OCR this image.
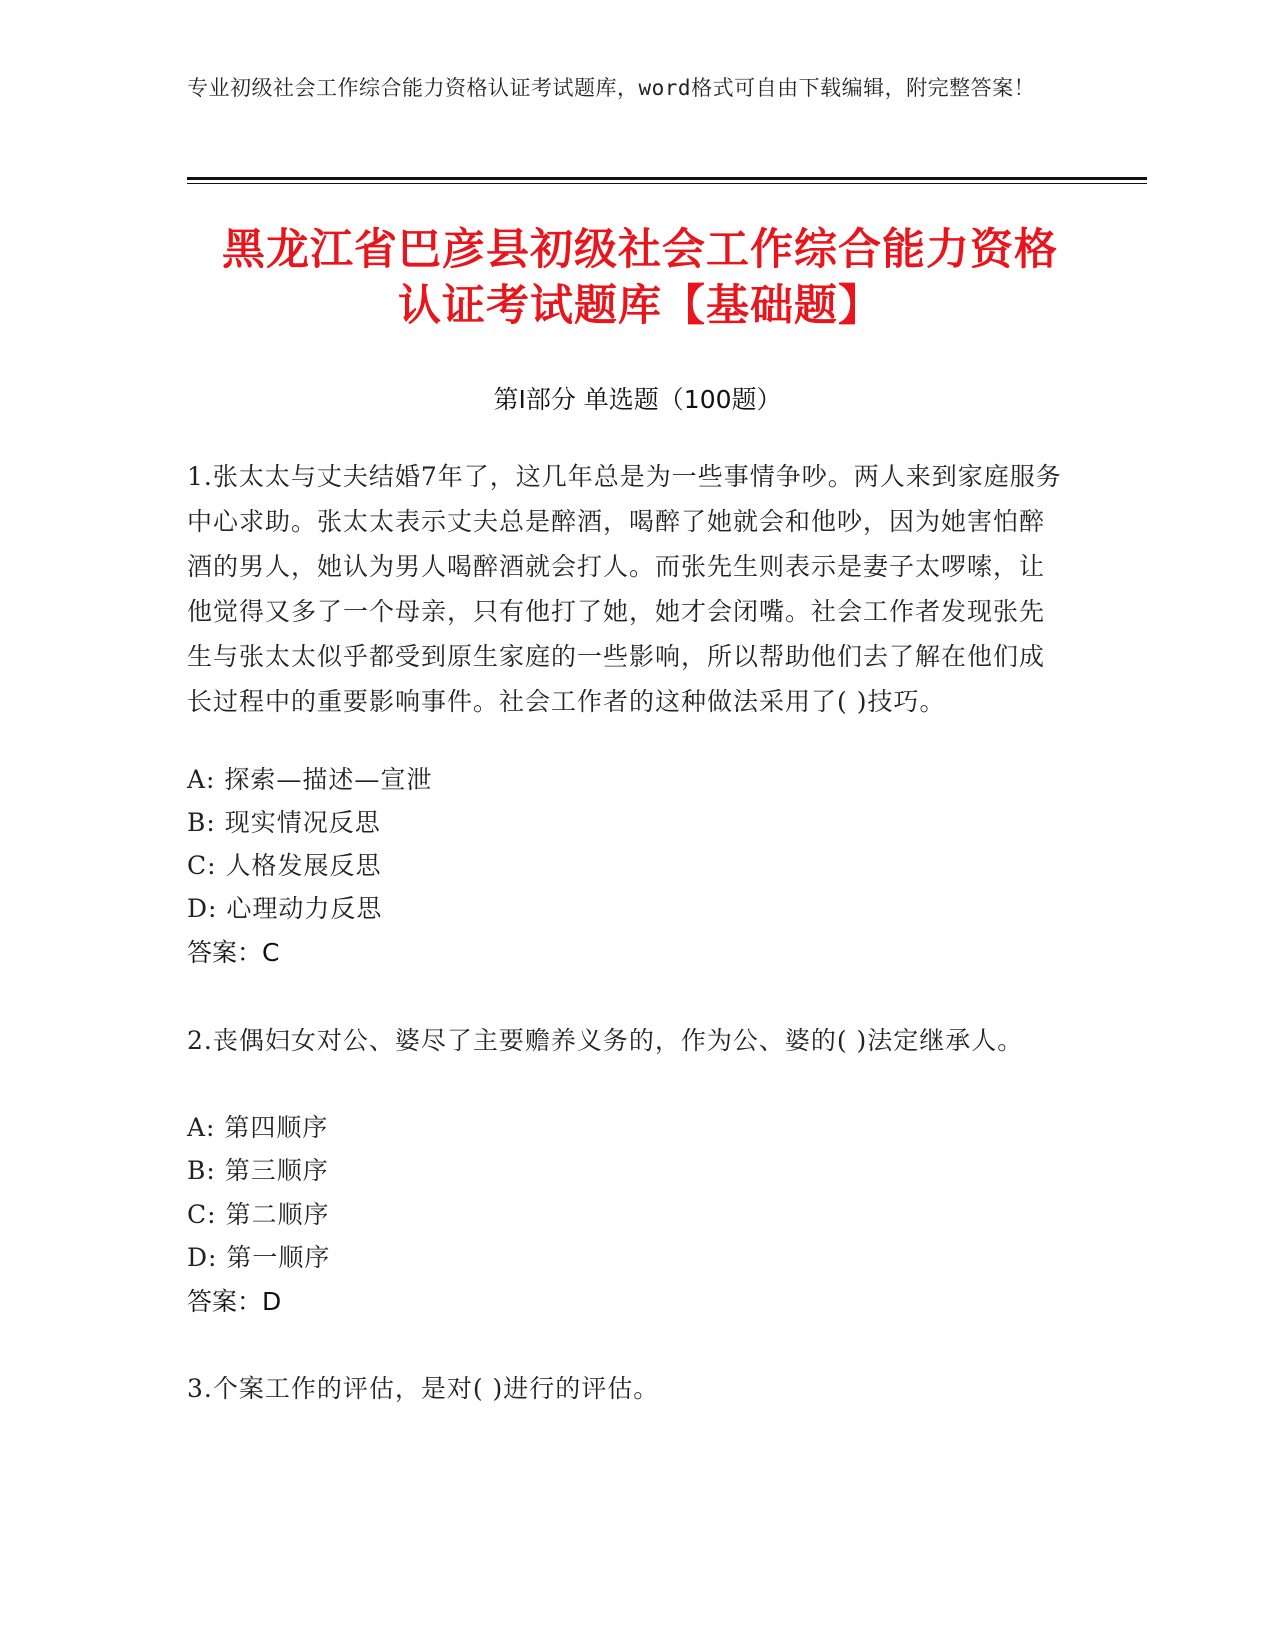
专业初级社会工作综合能力资格认证考试题库，word格式可自由下载编辑，附完整答案！
黑龙江省巴彦县初级社会工作综合能力资格
认证考试题库【基础题】
第Ⅰ部分 单选题（100题）
1.张太太与丈夫结婚7年了，这几年总是为一些事情争吵。两人来到家庭服务中心求助。张太太表示丈夫总是醉酒，喝醉了她就会和他吵，因为她害怕醉酒的男人，她认为男人喝醉酒就会打人。而张先生则表示是妻子太啰嗦，让他觉得又多了一个母亲，只有他打了她，她才会闭嘴。社会工作者发现张先生与张太太似乎都受到原生家庭的一些影响，所以帮助他们去了解在他们成长过程中的重要影响事件。社会工作者的这种做法采用了( )技巧。
A: 探索—描述—宣泄
B: 现实情况反思
C: 人格发展反思
D: 心理动力反思
答案：C
2.丧偶妇女对公、婆尽了主要赡养义务的，作为公、婆的( )法定继承人。
A: 第四顺序
B: 第三顺序
C: 第二顺序
D: 第一顺序
答案：D
3.个案工作的评估，是对( )进行的评估。
